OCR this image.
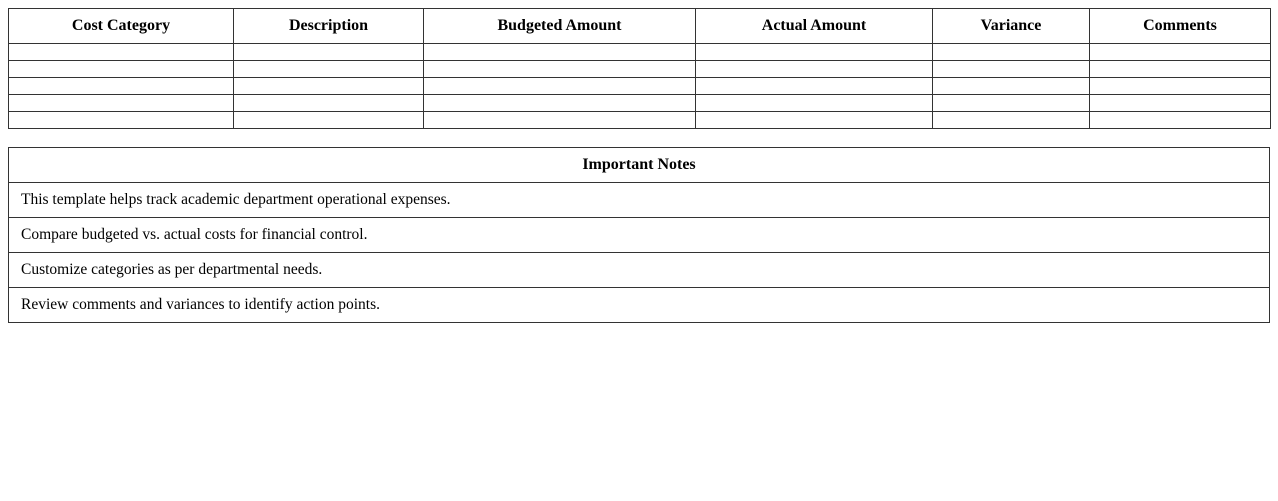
Cost Category	Description	Budgeted Amount	Actual Amount	Variance	Comments

Important Notes
This template helps track academic department operational expenses.
Compare budgeted vs. actual costs for financial control.
Customize categories as per departmental needs.
Review comments and variances to identify action points.
